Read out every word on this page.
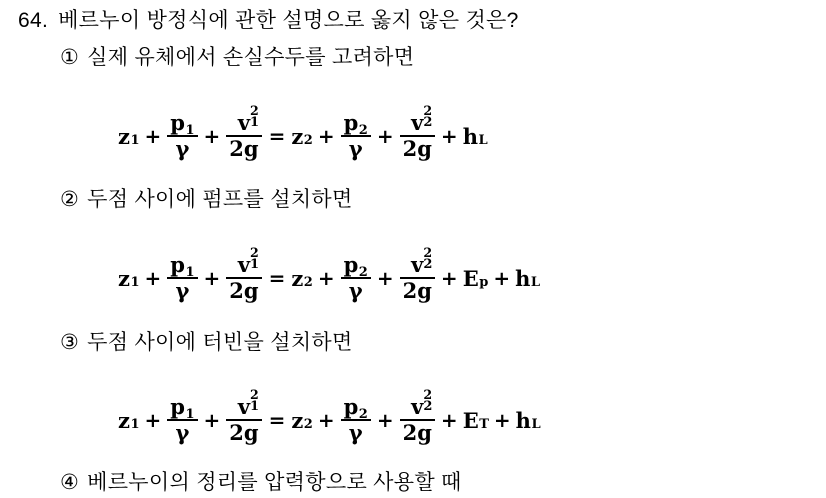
64. 베르누이 방정식에 관한 설명으로 옳지 않은 것은?
① 실제 유체에서 손실수두를 고려하면
z $1 + \frac{p_1}{\gamma} + v$ 2
1
2g = z $2 + \frac{p_2}{\gamma} + v$ 2
2
2g + h L
② 두점 사이에 펌프를 설치하면
z $1 + \frac{p_1}{\gamma} + v$ 2
1
2g = z $2 + \frac{p_2}{\gamma} + v$ 2
2
2g + E p + h L
③ 두점 사이에 터빈을 설치하면
z $1 + \frac{p_1}{\gamma} + v$ 2
1
2g = z $2 + \frac{p_2}{\gamma} + v$ 2
2
2g + E T + h L
④ 베르누이의 정리를 압력항으로 사용할 때
